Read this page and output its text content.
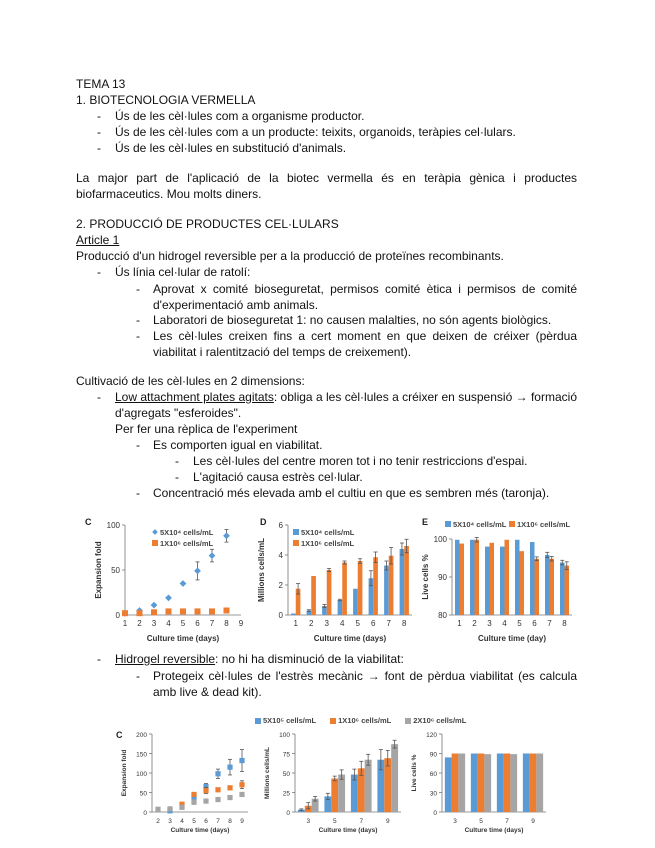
TEMA 13
1. BIOTECNOLOGIA VERMELLA
- Ús de les cèl·lules com a organisme productor.
- Ús de les cèl·lules com a un producte: teixits, organoids, teràpies cel·lulars.
- Ús de les cèl·lules en substitució d'animals.
La major part de l'aplicació de la biotec vermella és en teràpia gènica i productes biofarmaceutics. Mou molts diners.
2. PRODUCCIÓ DE PRODUCTES CEL·LULARS
Article 1
Producció d'un hidrogel reversible per a la producció de proteïnes recombinants.
- Ús línia cel·lular de ratolí:
- Aprovat x comité bioseguretat, permisos comité ètica i permisos de comité d'experimentació amb animals.
- Laboratori de bioseguretat 1: no causen malalties, no són agents biològics.
- Les cèl·lules creixen fins a cert moment en que deixen de créixer (pèrdua viabilitat i ralentització del temps de creixement).
Cultivació de les cèl·lules en 2 dimensions:
- Low attachment plates agitats: obliga a les cèl·lules a créixer en suspensió → formació d'agregats "esferoides".
Per fer una rèplica de l'experiment
- Es comporten igual en viabilitat.
- Les cèl·lules del centre moren tot i no tenir restriccions d'espai.
- L'agitació causa estrès cel·lular.
- Concentració més elevada amb el cultiu en que es sembren més (taronja).
0
50
100
Expansion fold
Culture time (days)
C
1 2 3 4 5 6 7 8 9
5X10⁴ cells/mL
1X10⁶ cells/mL
0
2
4
6
Millions cells/mL
Culture time (days)
D
1 2 3 4 5 6 7 8
5X10⁴ cells/mL
1X10⁶ cells/mL
80
90
100
Live cells %
Culture time (day)
E
1 2 3 4 5 6 7 8
5X10⁴ cells/mL 1X10⁶ cells/mL
- Hidrogel reversible: no hi ha disminució de la viabilitat:
- Protegeix cèl·lules de l'estrès mecànic → font de pèrdua viabilitat (es calcula amb live & dead kit).
5X10⁵ cells/mL	1X10⁶ cells/mL	2X10⁶ cells/mL
0
50
100
150
200
Expansion fold
Culture time (days)
C
2 3 4 5 6 7 8 9
0
25
50
75
100
Millions cells/mL
Culture time (days)
3	5	7	9
0
30
60
90
120
Live cells %
Culture time (days)
3	5	7	9
